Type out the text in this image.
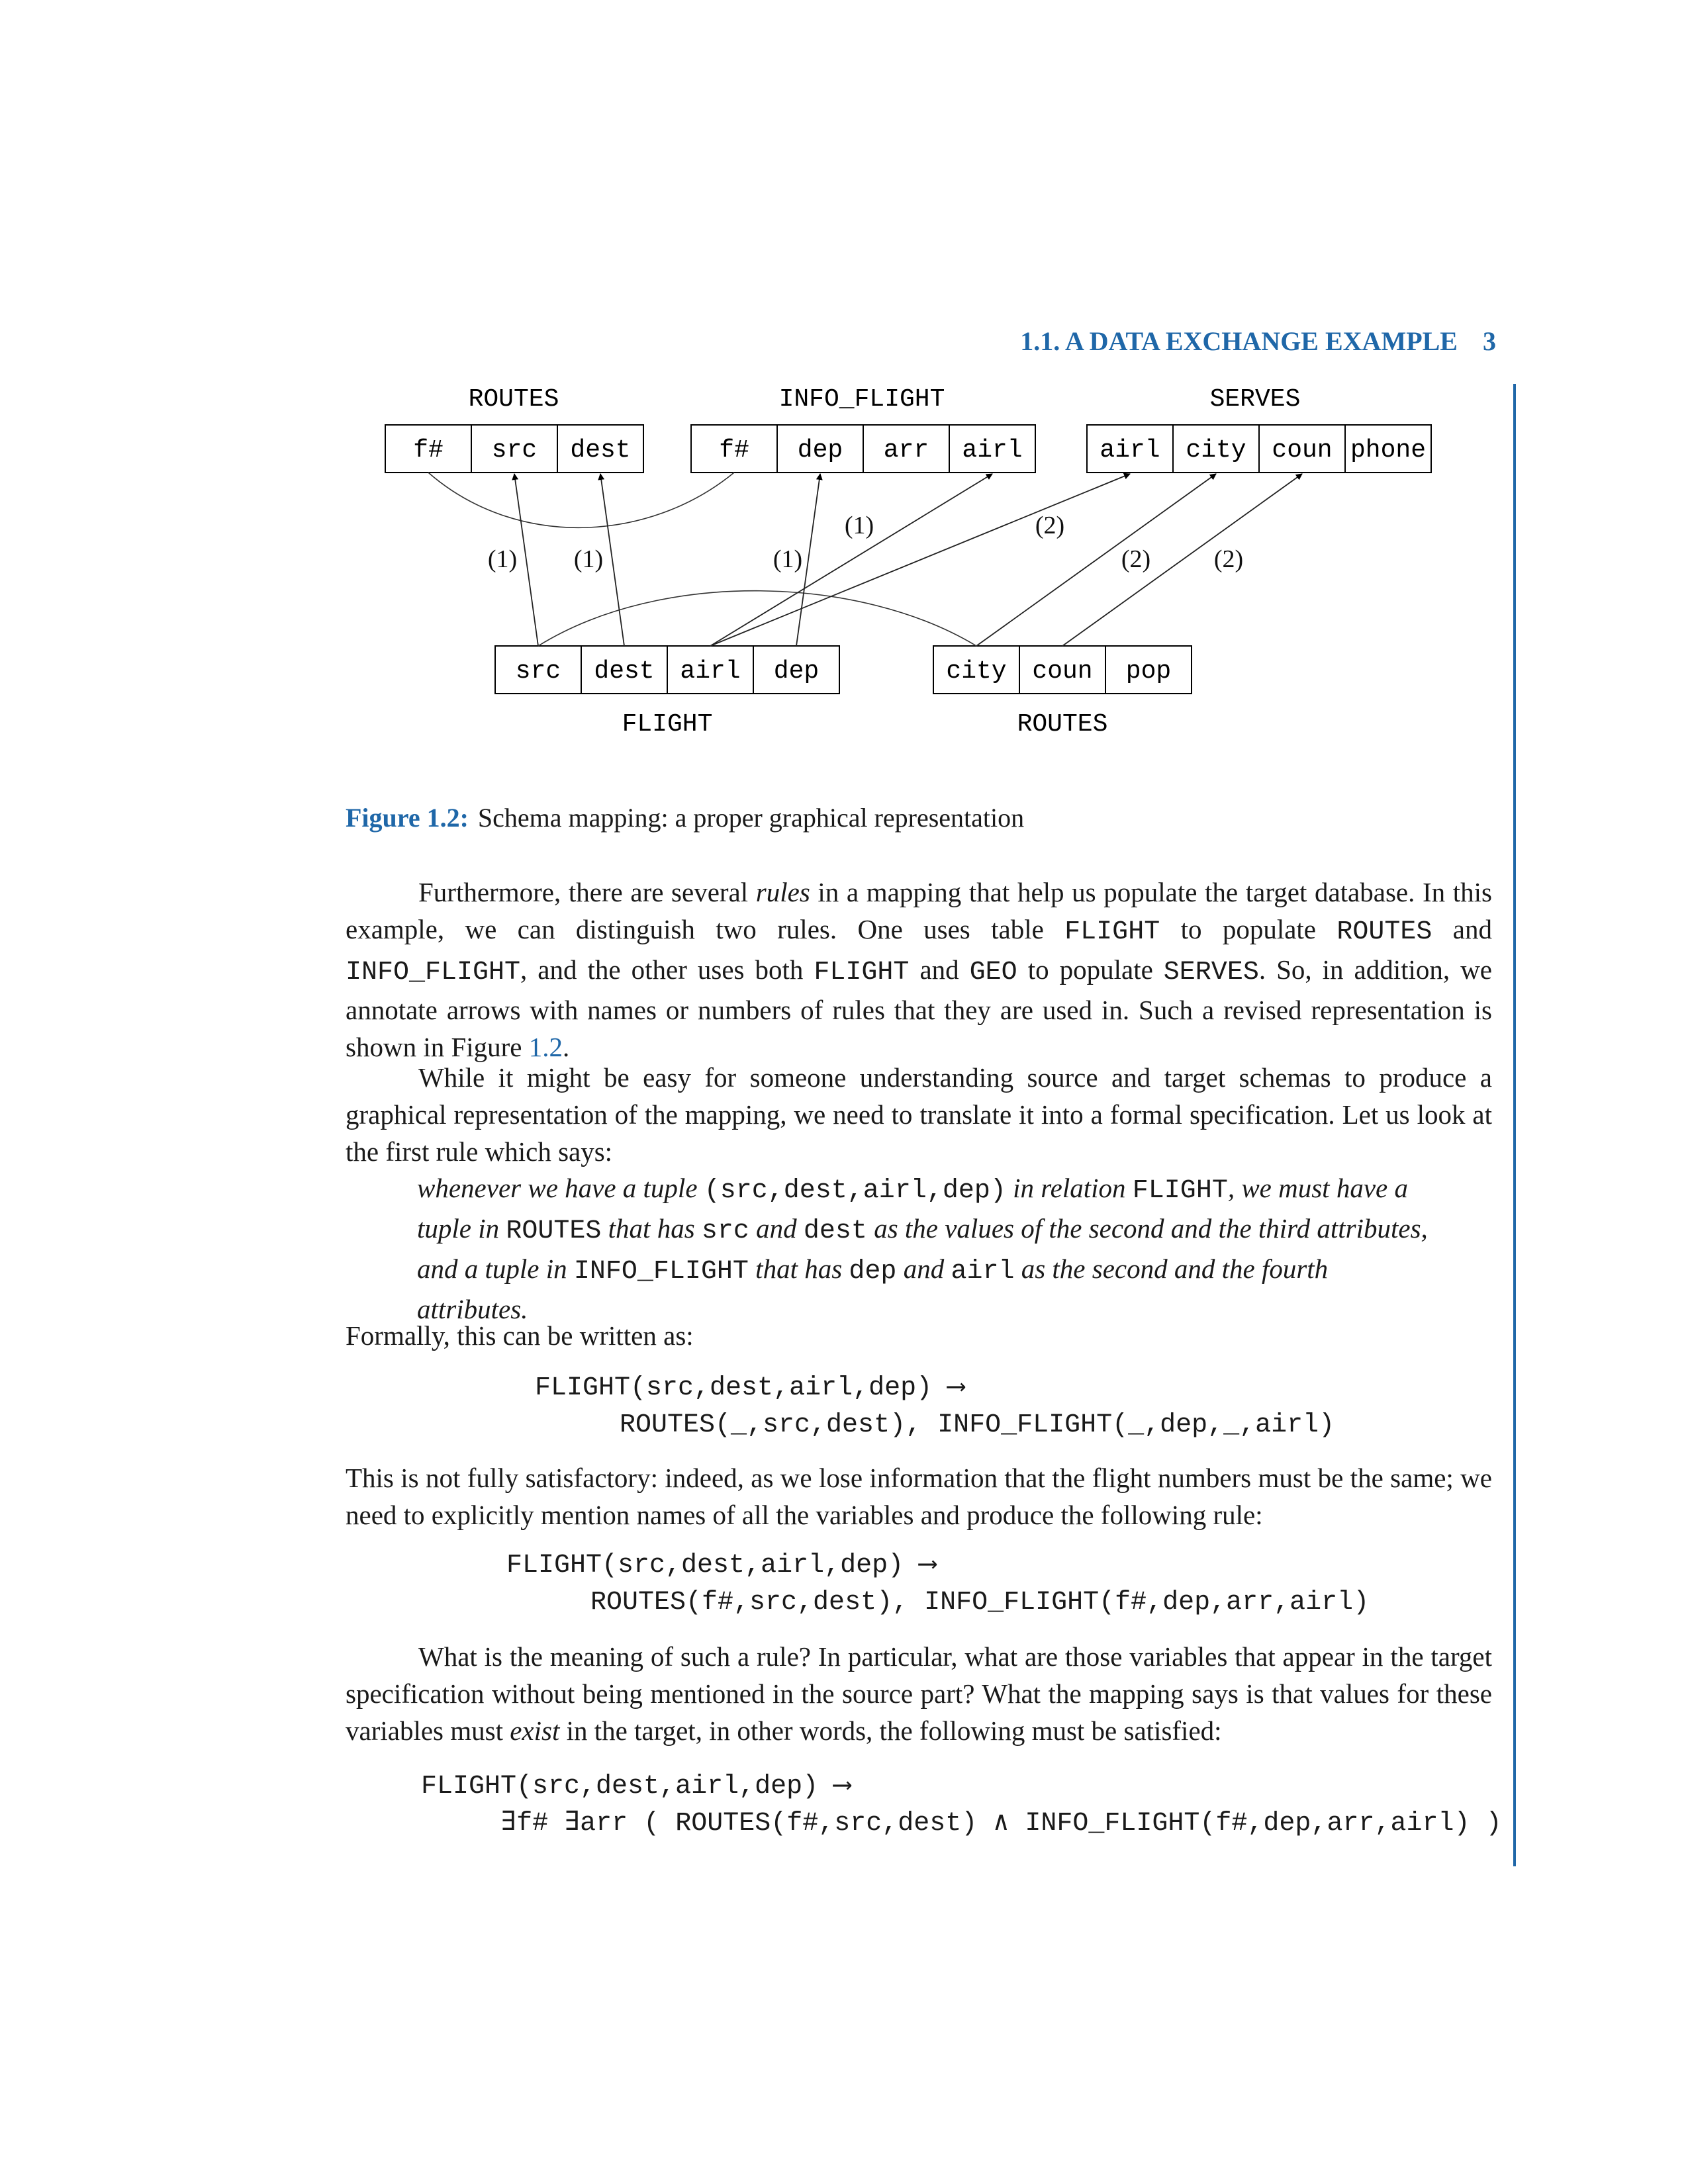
1.1. A DATA EXCHANGE EXAMPLE 3
ROUTES	INFO_FLIGHT	SERVES
f# src dest	f# dep arr airl	airl city coun phone
src dest airl dep	city coun pop
FLIGHT	ROUTES
(1) (1)	(1)
(1)	(2)
(2)	(2)
Figure 1.2: Schema mapping: a proper graphical representation

Furthermore, there are several rules in a mapping that help us populate the target database. In this example, we can distinguish two rules. One uses table FLIGHT to populate ROUTES and INFO_FLIGHT, and the other uses both FLIGHT and GEO to populate SERVES. So, in addition, we annotate arrows with names or numbers of rules that they are used in. Such a revised representation is shown in Figure 1.2.

While it might be easy for someone understanding source and target schemas to produce a graphical representation of the mapping, we need to translate it into a formal specification. Let us look at the first rule which says:

whenever we have a tuple (src,dest,airl,dep) in relation FLIGHT, we must have a tuple in ROUTES that has src and dest as the values of the second and the third attributes, and a tuple in INFO_FLIGHT that has dep and airl as the second and the fourth attributes.

Formally, this can be written as:

FLIGHT(src,dest,airl,dep) ⟶
ROUTES(_,src,dest), INFO_FLIGHT(_,dep,_,airl)

This is not fully satisfactory: indeed, as we lose information that the flight numbers must be the same; we need to explicitly mention names of all the variables and produce the following rule:

FLIGHT(src,dest,airl,dep) ⟶
ROUTES(f#,src,dest), INFO_FLIGHT(f#,dep,arr,airl)

What is the meaning of such a rule? In particular, what are those variables that appear in the target specification without being mentioned in the source part? What the mapping says is that values for these variables must exist in the target, in other words, the following must be satisfied:

FLIGHT(src,dest,airl,dep) ⟶
∃f# ∃arr ( ROUTES(f#,src,dest) ∧ INFO_FLIGHT(f#,dep,arr,airl) )
